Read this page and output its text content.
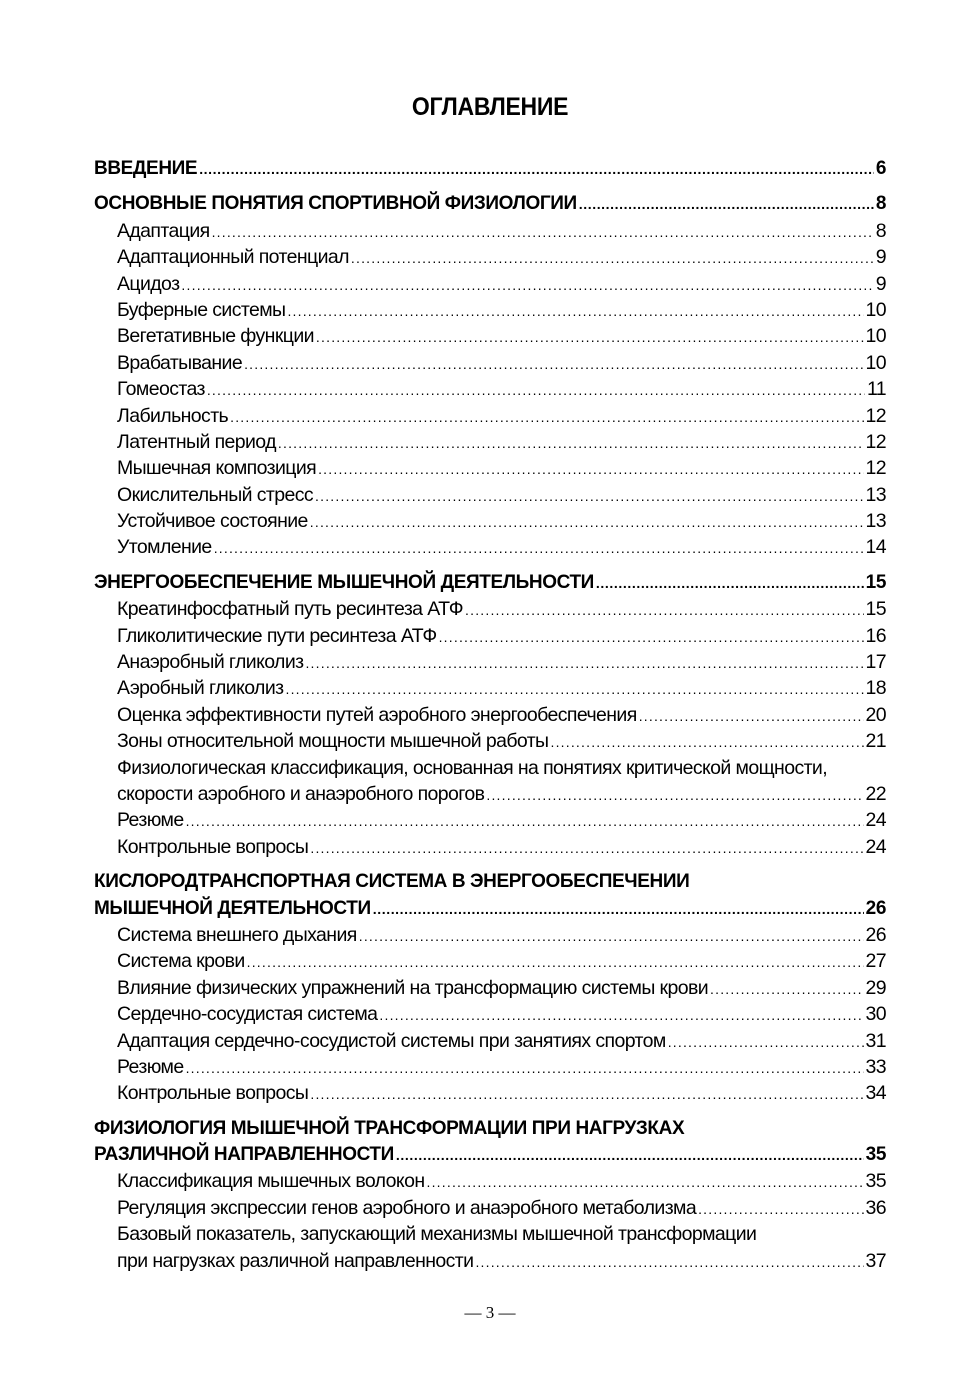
ОГЛАВЛЕНИЕ
ВВЕДЕНИЕ .....	6
ОСНОВНЫЕ ПОНЯТИЯ СПОРТИВНОЙ ФИЗИОЛОГИИ .....	8
Адаптация .....	8
Адаптационный потенциал .....	9
Ацидоз .....	9
Буферные системы .....	10
Вегетативные функции .....	10
Врабатывание .....	10
Гомеостаз .....	11
Лабильность .....	12
Латентный период .....	12
Мышечная композиция .....	12
Окислительный стресс .....	13
Устойчивое состояние .....	13
Утомление .....	14
ЭНЕРГООБЕСПЕЧЕНИЕ МЫШЕЧНОЙ ДЕЯТЕЛЬНОСТИ .....	15
Креатинфосфатный путь ресинтеза АТФ .....	15
Гликолитические пути ресинтеза АТФ .....	16
Анаэробный гликолиз .....	17
Аэробный гликолиз .....	18
Оценка эффективности путей аэробного энергообеспечения .....	20
Зоны относительной мощности мышечной работы .....	21
Физиологическая классификация, основанная на понятиях критической мощности,
скорости аэробного и анаэробного порогов .....	22
Резюме .....	24
Контрольные вопросы .....	24
КИСЛОРОДТРАНСПОРТНАЯ СИСТЕМА В ЭНЕРГООБЕСПЕЧЕНИИ
МЫШЕЧНОЙ ДЕЯТЕЛЬНОСТИ .....	26
Система внешнего дыхания .....	26
Система крови .....	27
Влияние физических упражнений на трансформацию системы крови .....	29
Сердечно-сосудистая система .....	30
Адаптация сердечно-сосудистой системы при занятиях спортом .....	31
Резюме .....	33
Контрольные вопросы .....	34
ФИЗИОЛОГИЯ МЫШЕЧНОЙ ТРАНСФОРМАЦИИ ПРИ НАГРУЗКАХ
РАЗЛИЧНОЙ НАПРАВЛЕННОСТИ .....	35
Классификация мышечных волокон .....	35
Регуляция экспрессии генов аэробного и анаэробного метаболизма .....	36
Базовый показатель, запускающий механизмы мышечной трансформации
при нагрузках различной направленности .....	37
— 3 —
